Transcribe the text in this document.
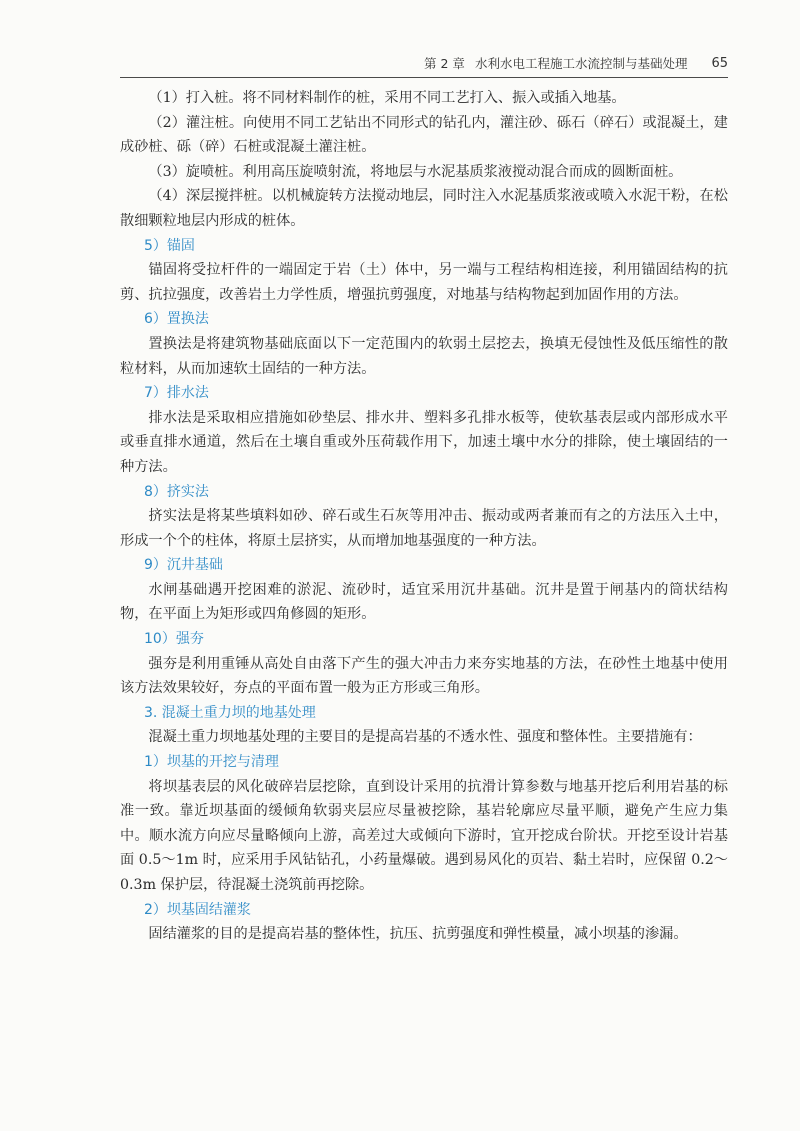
第 2 章 水利水电工程施工水流控制与基础处理 65
（1）打入桩。将不同材料制作的桩，采用不同工艺打入、振入或插入地基。
（2）灌注桩。向使用不同工艺钻出不同形式的钻孔内，灌注砂、砾石（碎石）或混凝土，建成砂桩、砾（碎）石桩或混凝土灌注桩。
（3）旋喷桩。利用高压旋喷射流，将地层与水泥基质浆液搅动混合而成的圆断面桩。
（4）深层搅拌桩。以机械旋转方法搅动地层，同时注入水泥基质浆液或喷入水泥干粉，在松散细颗粒地层内形成的桩体。
5）锚固
锚固将受拉杆件的一端固定于岩（土）体中，另一端与工程结构相连接，利用锚固结构的抗剪、抗拉强度，改善岩土力学性质，增强抗剪强度，对地基与结构物起到加固作用的方法。
6）置换法
置换法是将建筑物基础底面以下一定范围内的软弱土层挖去，换填无侵蚀性及低压缩性的散粒材料，从而加速软土固结的一种方法。
7）排水法
排水法是采取相应措施如砂垫层、排水井、塑料多孔排水板等，使软基表层或内部形成水平或垂直排水通道，然后在土壤自重或外压荷载作用下，加速土壤中水分的排除，使土壤固结的一种方法。
8）挤实法
挤实法是将某些填料如砂、碎石或生石灰等用冲击、振动或两者兼而有之的方法压入土中，形成一个个的柱体，将原土层挤实，从而增加地基强度的一种方法。
9）沉井基础
水闸基础遇开挖困难的淤泥、流砂时，适宜采用沉井基础。沉井是置于闸基内的筒状结构物，在平面上为矩形或四角修圆的矩形。
10）强夯
强夯是利用重锤从高处自由落下产生的强大冲击力来夯实地基的方法，在砂性土地基中使用该方法效果较好，夯点的平面布置一般为正方形或三角形。
3. 混凝土重力坝的地基处理
混凝土重力坝地基处理的主要目的是提高岩基的不透水性、强度和整体性。主要措施有：
1）坝基的开挖与清理
将坝基表层的风化破碎岩层挖除，直到设计采用的抗滑计算参数与地基开挖后利用岩基的标准一致。靠近坝基面的缓倾角软弱夹层应尽量被挖除，基岩轮廓应尽量平顺，避免产生应力集中。顺水流方向应尽量略倾向上游，高差过大或倾向下游时，宜开挖成台阶状。开挖至设计岩基面 0.5～1m 时，应采用手风钻钻孔，小药量爆破。遇到易风化的页岩、黏土岩时，应保留 0.2～0.3m 保护层，待混凝土浇筑前再挖除。
2）坝基固结灌浆
固结灌浆的目的是提高岩基的整体性，抗压、抗剪强度和弹性模量，减小坝基的渗漏。
